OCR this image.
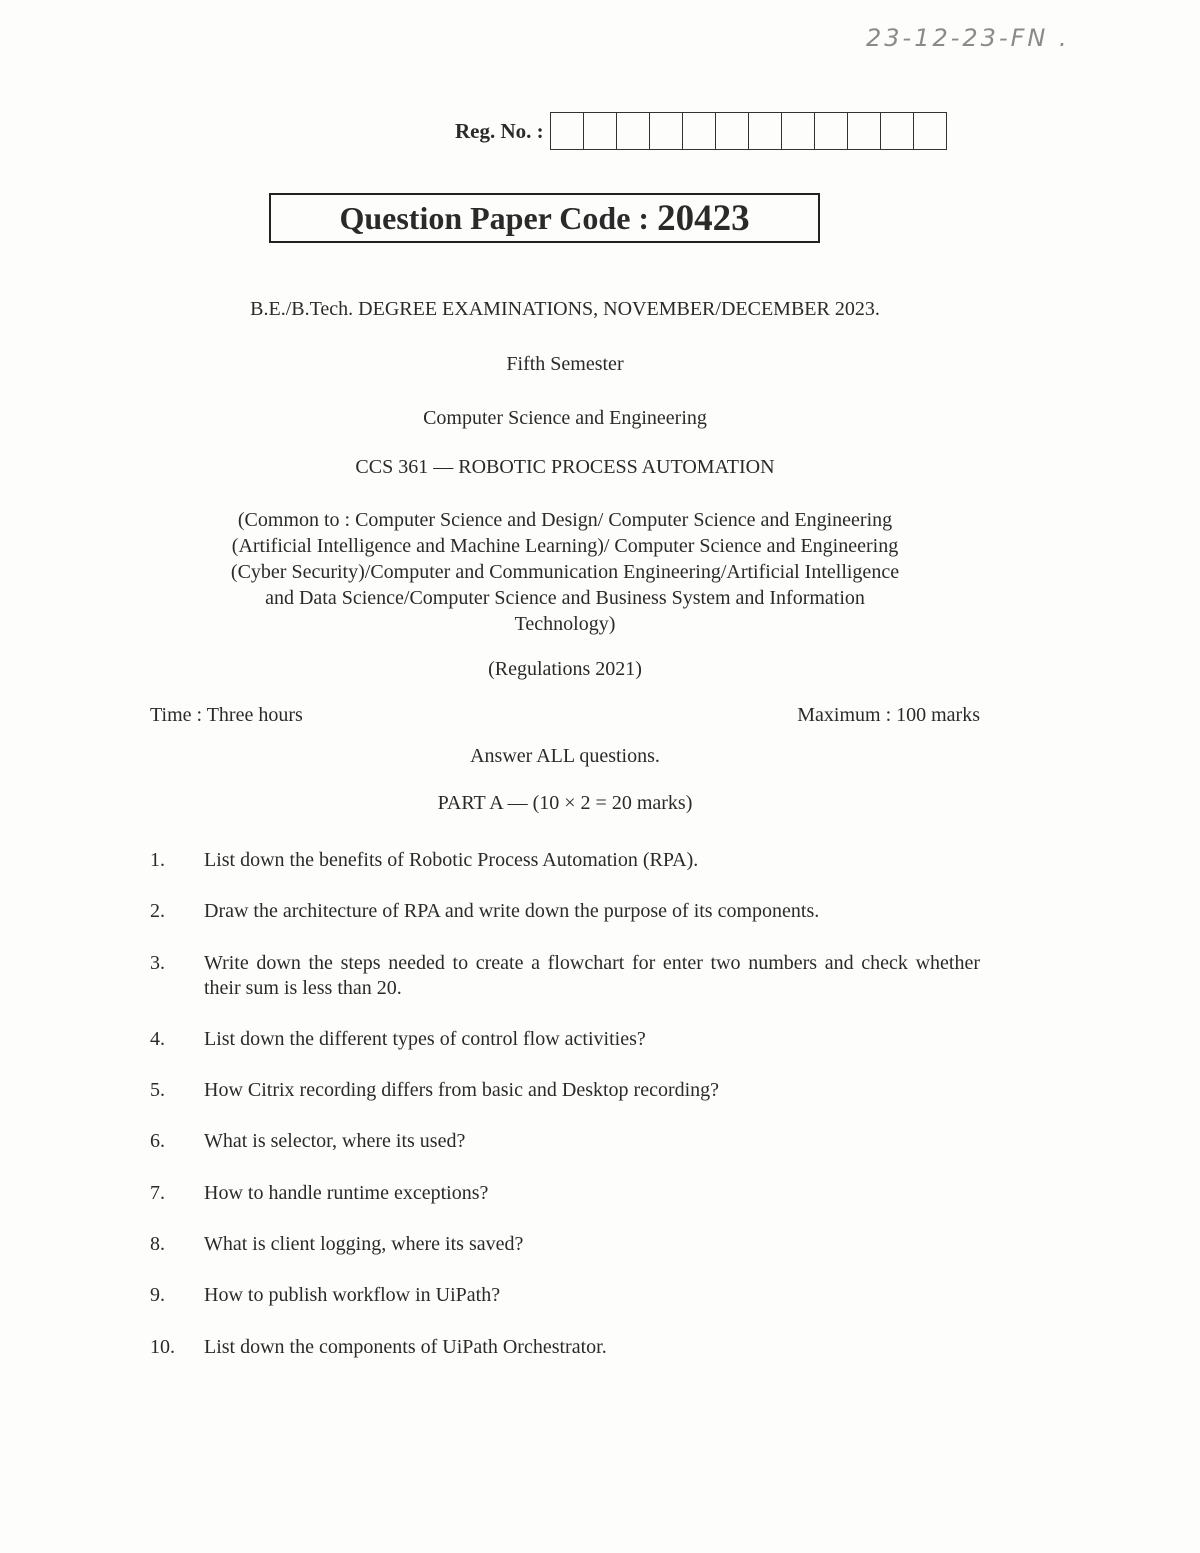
23-12-23-FN .
Reg. No. :
Question Paper Code : 20423
B.E./B.Tech. DEGREE EXAMINATIONS, NOVEMBER/DECEMBER 2023.
Fifth Semester
Computer Science and Engineering
CCS 361 — ROBOTIC PROCESS AUTOMATION
(Common to : Computer Science and Design/ Computer Science and Engineering
(Artificial Intelligence and Machine Learning)/ Computer Science and Engineering
(Cyber Security)/Computer and Communication Engineering/Artificial Intelligence
and Data Science/Computer Science and Business System and Information
Technology)
(Regulations 2021)
Time : Three hours	Maximum : 100 marks
Answer ALL questions.
PART A — (10 × 2 = 20 marks)
1.	List down the benefits of Robotic Process Automation (RPA).
2.	Draw the architecture of RPA and write down the purpose of its components.
3.	Write down the steps needed to create a flowchart for enter two numbers and check whether their sum is less than 20.
4.	List down the different types of control flow activities?
5.	How Citrix recording differs from basic and Desktop recording?
6.	What is selector, where its used?
7.	How to handle runtime exceptions?
8.	What is client logging, where its saved?
9.	How to publish workflow in UiPath?
10.	List down the components of UiPath Orchestrator.
